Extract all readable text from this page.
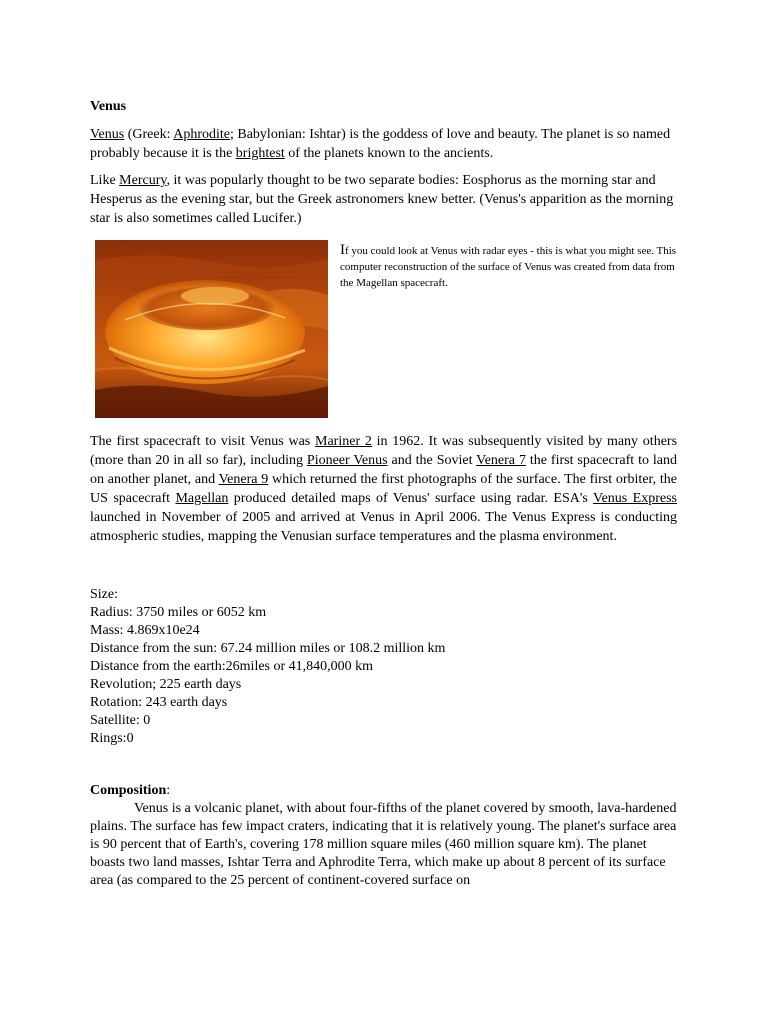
Venus

Venus (Greek: Aphrodite; Babylonian: Ishtar) is the goddess of love and beauty. The planet is so named probably because it is the brightest of the planets known to the ancients.

Like Mercury, it was popularly thought to be two separate bodies: Eosphorus as the morning star and Hesperus as the evening star, but the Greek astronomers knew better. (Venus's apparition as the morning star is also sometimes called Lucifer.)

If you could look at Venus with radar eyes - this is what you might see. This computer reconstruction of the surface of Venus was created from data from the Magellan spacecraft.

The first spacecraft to visit Venus was Mariner 2 in 1962. It was subsequently visited by many others (more than 20 in all so far), including Pioneer Venus and the Soviet Venera 7 the first spacecraft to land on another planet, and Venera 9 which returned the first photographs of the surface. The first orbiter, the US spacecraft Magellan produced detailed maps of Venus' surface using radar. ESA's Venus Express launched in November of 2005 and arrived at Venus in April 2006. The Venus Express is conducting atmospheric studies, mapping the Venusian surface temperatures and the plasma environment.

Size:
Radius: 3750 miles or 6052 km
Mass: 4.869x10e24
Distance from the sun: 67.24 million miles or 108.2 million km
Distance from the earth:26miles or 41,840,000 km
Revolution; 225 earth days
Rotation: 243 earth days
Satellite: 0
Rings:0

Composition:

Venus is a volcanic planet, with about four-fifths of the planet covered by smooth, lava-hardened plains. The surface has few impact craters, indicating that it is relatively young. The planet's surface area is 90 percent that of Earth's, covering 178 million square miles (460 million square km). The planet boasts two land masses, Ishtar Terra and Aphrodite Terra, which make up about 8 percent of its surface area (as compared to the 25 percent of continent-covered surface on
